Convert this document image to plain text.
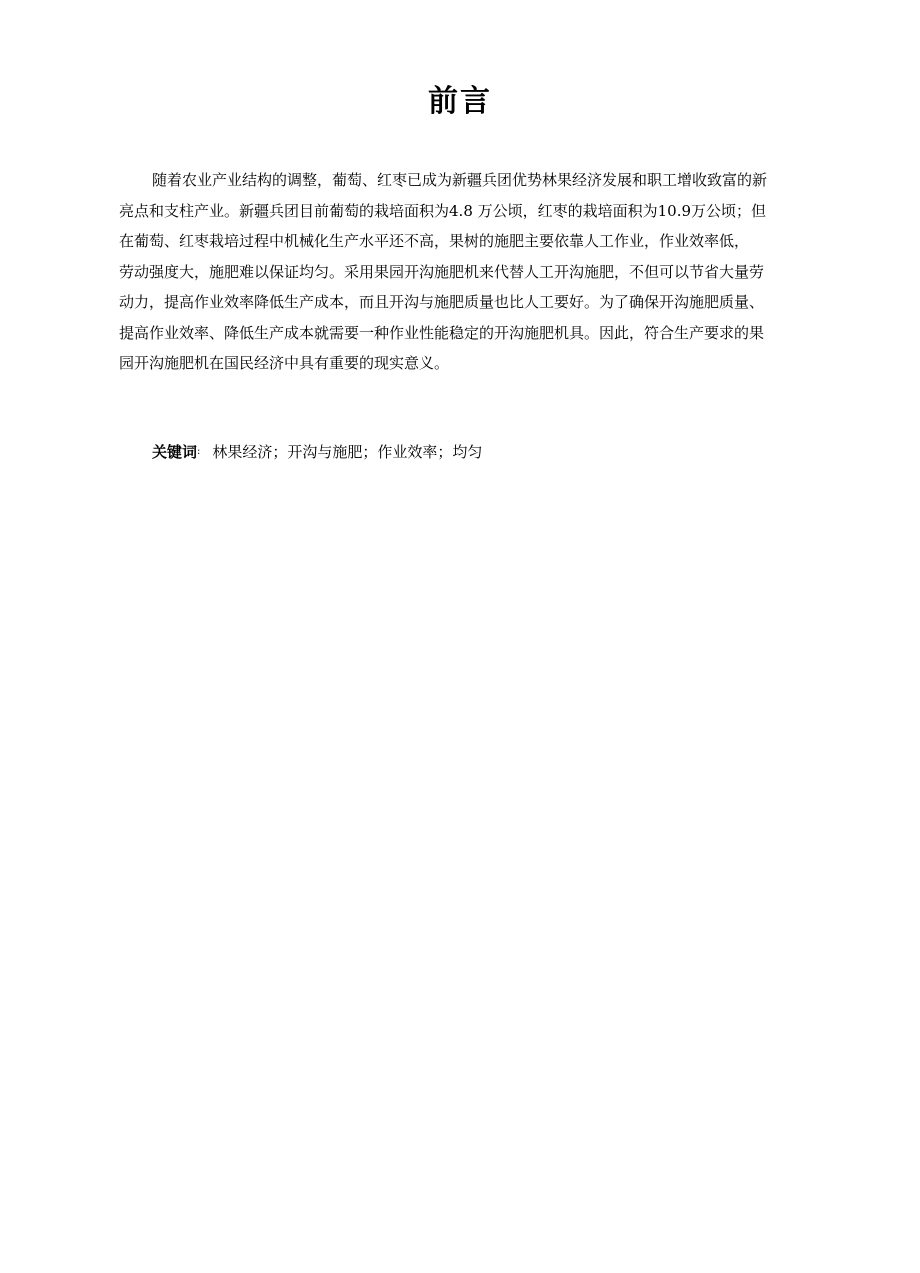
前言
随着农业产业结构的调整，葡萄、红枣已成为新疆兵团优势林果经济发展和职工增收致富的新
亮点和支柱产业。新疆兵团目前葡萄的栽培面积为4.8 万公顷，红枣的栽培面积为10.9万公顷；但
在葡萄、红枣栽培过程中机械化生产水平还不高，果树的施肥主要依靠人工作业，作业效率低，
劳动强度大，施肥难以保证均匀。采用果园开沟施肥机来代替人工开沟施肥，不但可以节省大量劳
动力，提高作业效率降低生产成本，而且开沟与施肥质量也比人工要好。为了确保开沟施肥质量、
提高作业效率、降低生产成本就需要一种作业性能稳定的开沟施肥机具。因此，符合生产要求的果
园开沟施肥机在国民经济中具有重要的现实意义。
关键词: 林果经济；开沟与施肥；作业效率；均匀
